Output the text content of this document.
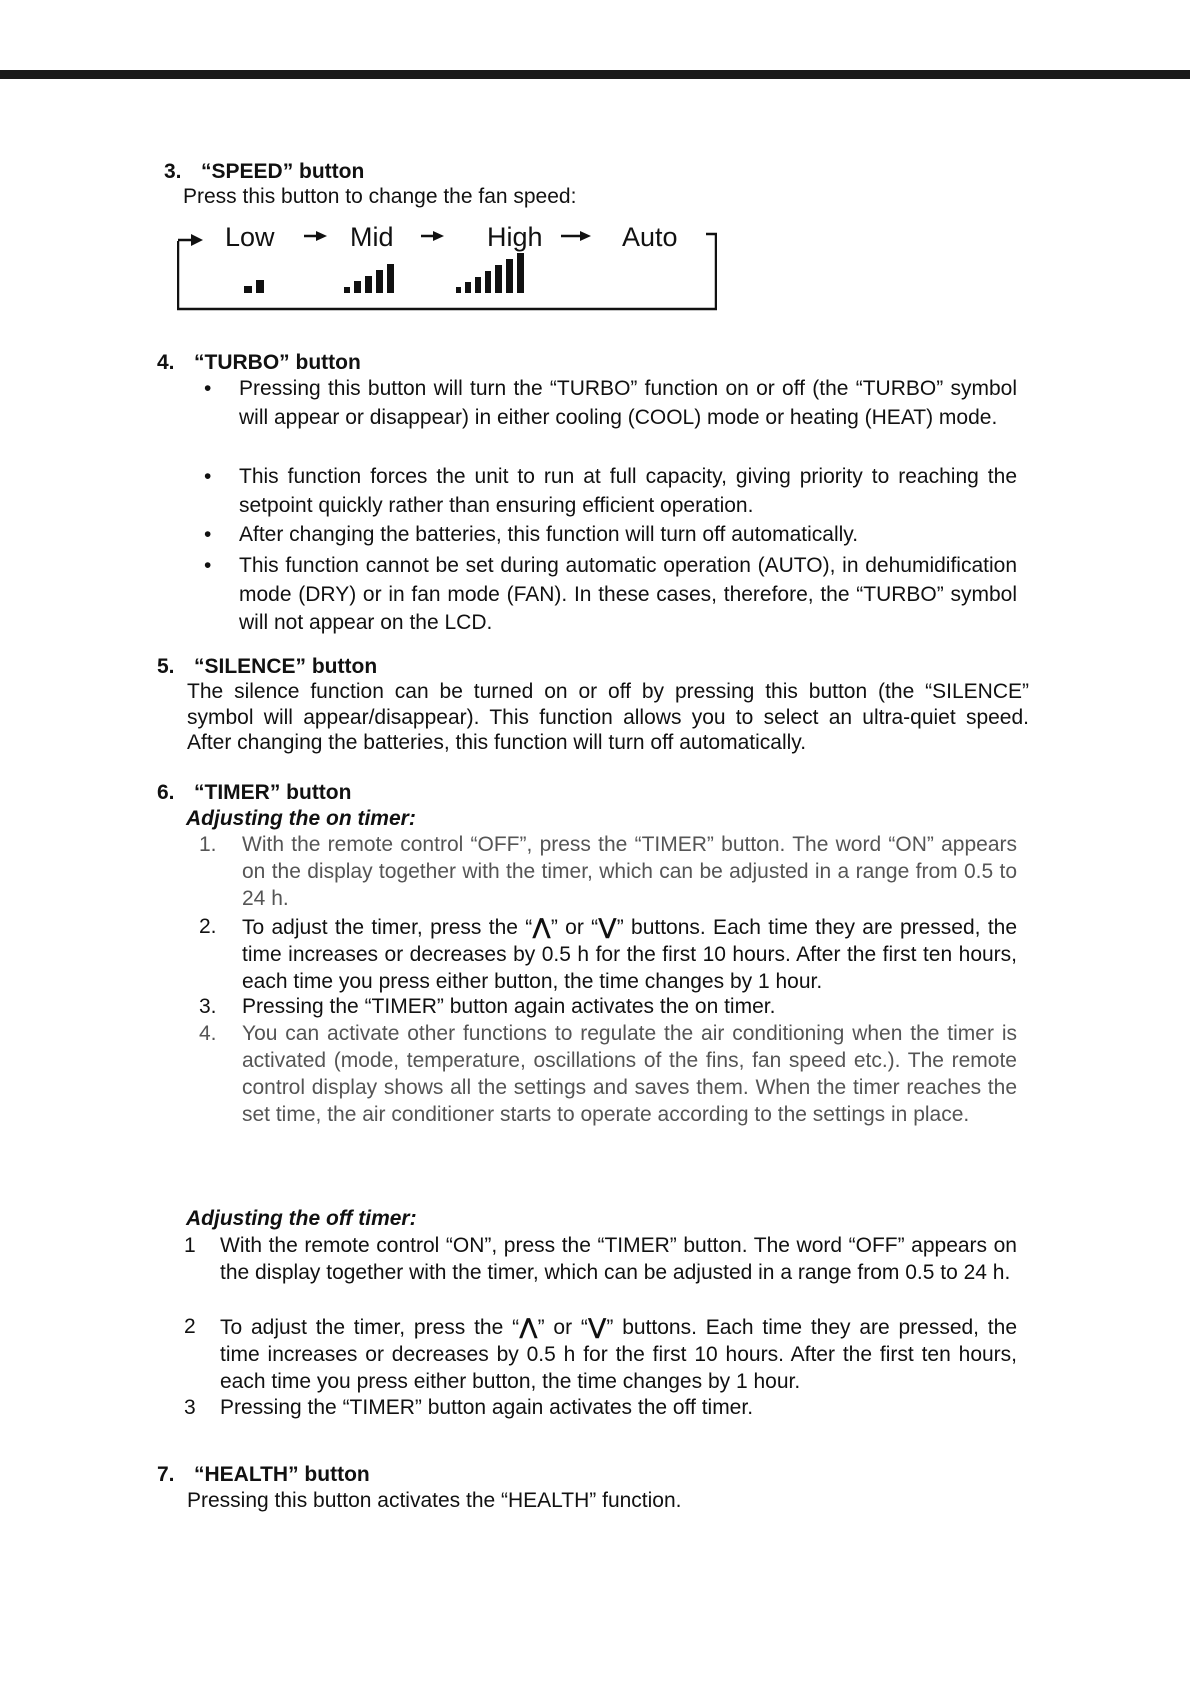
3. “SPEED” button
Press this button to change the fan speed:
Low	Mid	High	Auto
4. “TURBO” button
•	Pressing this button will turn the “TURBO” function on or off (the “TURBO” symbol will appear or disappear) in either cooling (COOL) mode or heating (HEAT) mode.
•	This function forces the unit to run at full capacity, giving priority to reaching the setpoint quickly rather than ensuring efficient operation.
•	After changing the batteries, this function will turn off automatically.
•	This function cannot be set during automatic operation (AUTO), in dehumidification mode (DRY) or in fan mode (FAN). In these cases, therefore, the “TURBO” symbol will not appear on the LCD.
5. “SILENCE” button
The silence function can be turned on or off by pressing this button (the “SILENCE” symbol will appear/disappear). This function allows you to select an ultra-quiet speed. After changing the batteries, this function will turn off automatically.
6. “TIMER” button
Adjusting the on timer:
1. With the remote control “OFF”, press the “TIMER” button. The word “ON” appears on the display together with the timer, which can be adjusted in a range from 0.5 to 24 h.
2. To adjust the timer, press the “⋀” or “⋁” buttons. Each time they are pressed, the time increases or decreases by 0.5 h for the first 10 hours. After the first ten hours, each time you press either button, the time changes by 1 hour.
3. Pressing the “TIMER” button again activates the on timer.
4. You can activate other functions to regulate the air conditioning when the timer is activated (mode, temperature, oscillations of the fins, fan speed etc.). The remote control display shows all the settings and saves them. When the timer reaches the set time, the air conditioner starts to operate according to the settings in place.
Adjusting the off timer:
1 With the remote control “ON”, press the “TIMER” button. The word “OFF” appears on the display together with the timer, which can be adjusted in a range from 0.5 to 24 h.
2 To adjust the timer, press the “⋀” or “⋁” buttons. Each time they are pressed, the time increases or decreases by 0.5 h for the first 10 hours. After the first ten hours, each time you press either button, the time changes by 1 hour.
3 Pressing the “TIMER” button again activates the off timer.
7. “HEALTH” button
Pressing this button activates the “HEALTH” function.
